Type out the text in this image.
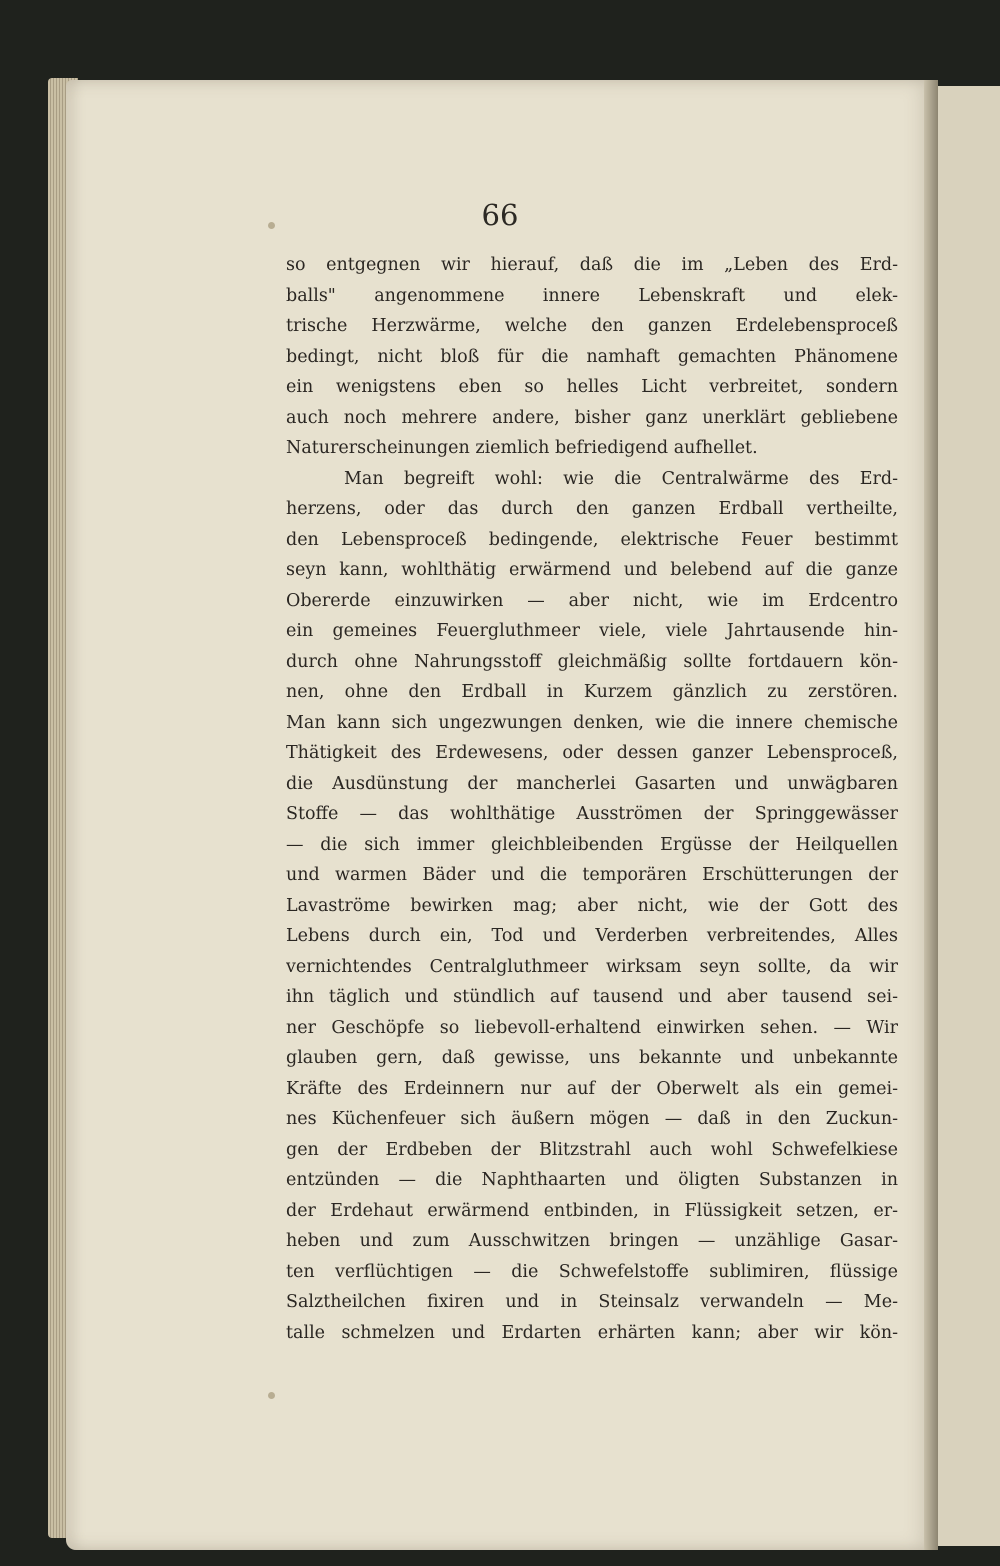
66
so entgegnen wir hierauf, daß die im „Leben des Erd-
balls" angenommene innere Lebenskraft und elek-
trische Herzwärme, welche den ganzen Erdelebensproceß
bedingt, nicht bloß für die namhaft gemachten Phänomene
ein wenigstens eben so helles Licht verbreitet, sondern
auch noch mehrere andere, bisher ganz unerklärt gebliebene
Naturerscheinungen ziemlich befriedigend aufhellet.
Man begreift wohl: wie die Centralwärme des Erd-
herzens, oder das durch den ganzen Erdball vertheilte,
den Lebensproceß bedingende, elektrische Feuer bestimmt
seyn kann, wohlthätig erwärmend und belebend auf die ganze
Obererde einzuwirken — aber nicht, wie im Erdcentro
ein gemeines Feuergluthmeer viele, viele Jahrtausende hin-
durch ohne Nahrungsstoff gleichmäßig sollte fortdauern kön-
nen, ohne den Erdball in Kurzem gänzlich zu zerstören.
Man kann sich ungezwungen denken, wie die innere chemische
Thätigkeit des Erdewesens, oder dessen ganzer Lebensproceß,
die Ausdünstung der mancherlei Gasarten und unwägbaren
Stoffe — das wohlthätige Ausströmen der Springgewässer
— die sich immer gleichbleibenden Ergüsse der Heilquellen
und warmen Bäder und die temporären Erschütterungen der
Lavaströme bewirken mag; aber nicht, wie der Gott des
Lebens durch ein, Tod und Verderben verbreitendes, Alles
vernichtendes Centralgluthmeer wirksam seyn sollte, da wir
ihn täglich und stündlich auf tausend und aber tausend sei-
ner Geschöpfe so liebevoll-erhaltend einwirken sehen. — Wir
glauben gern, daß gewisse, uns bekannte und unbekannte
Kräfte des Erdeinnern nur auf der Oberwelt als ein gemei-
nes Küchenfeuer sich äußern mögen — daß in den Zuckun-
gen der Erdbeben der Blitzstrahl auch wohl Schwefelkiese
entzünden — die Naphthaarten und öligten Substanzen in
der Erdehaut erwärmend entbinden, in Flüssigkeit setzen, er-
heben und zum Ausschwitzen bringen — unzählige Gasar-
ten verflüchtigen — die Schwefelstoffe sublimiren, flüssige
Salztheilchen fixiren und in Steinsalz verwandeln — Me-
talle schmelzen und Erdarten erhärten kann; aber wir kön-
